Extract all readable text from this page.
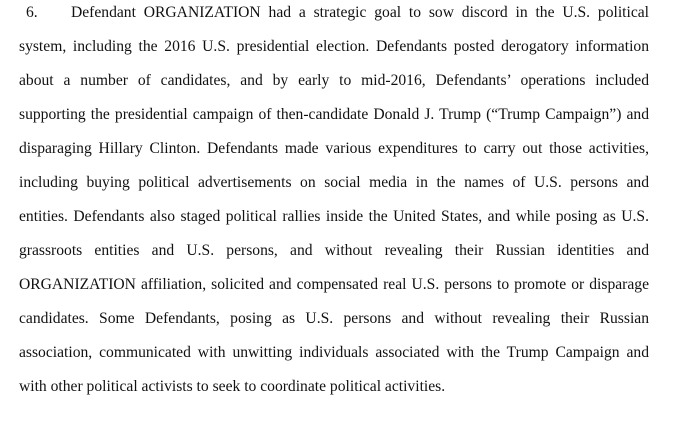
6. Defendant ORGANIZATION had a strategic goal to sow discord in the U.S. political
system, including the 2016 U.S. presidential election. Defendants posted derogatory information
about a number of candidates, and by early to mid-2016, Defendants’ operations included
supporting the presidential campaign of then-candidate Donald J. Trump (“Trump Campaign”) and
disparaging Hillary Clinton. Defendants made various expenditures to carry out those activities,
including buying political advertisements on social media in the names of U.S. persons and
entities. Defendants also staged political rallies inside the United States, and while posing as U.S.
grassroots entities and U.S. persons, and without revealing their Russian identities and
ORGANIZATION affiliation, solicited and compensated real U.S. persons to promote or disparage
candidates. Some Defendants, posing as U.S. persons and without revealing their Russian
association, communicated with unwitting individuals associated with the Trump Campaign and
with other political activists to seek to coordinate political activities.
